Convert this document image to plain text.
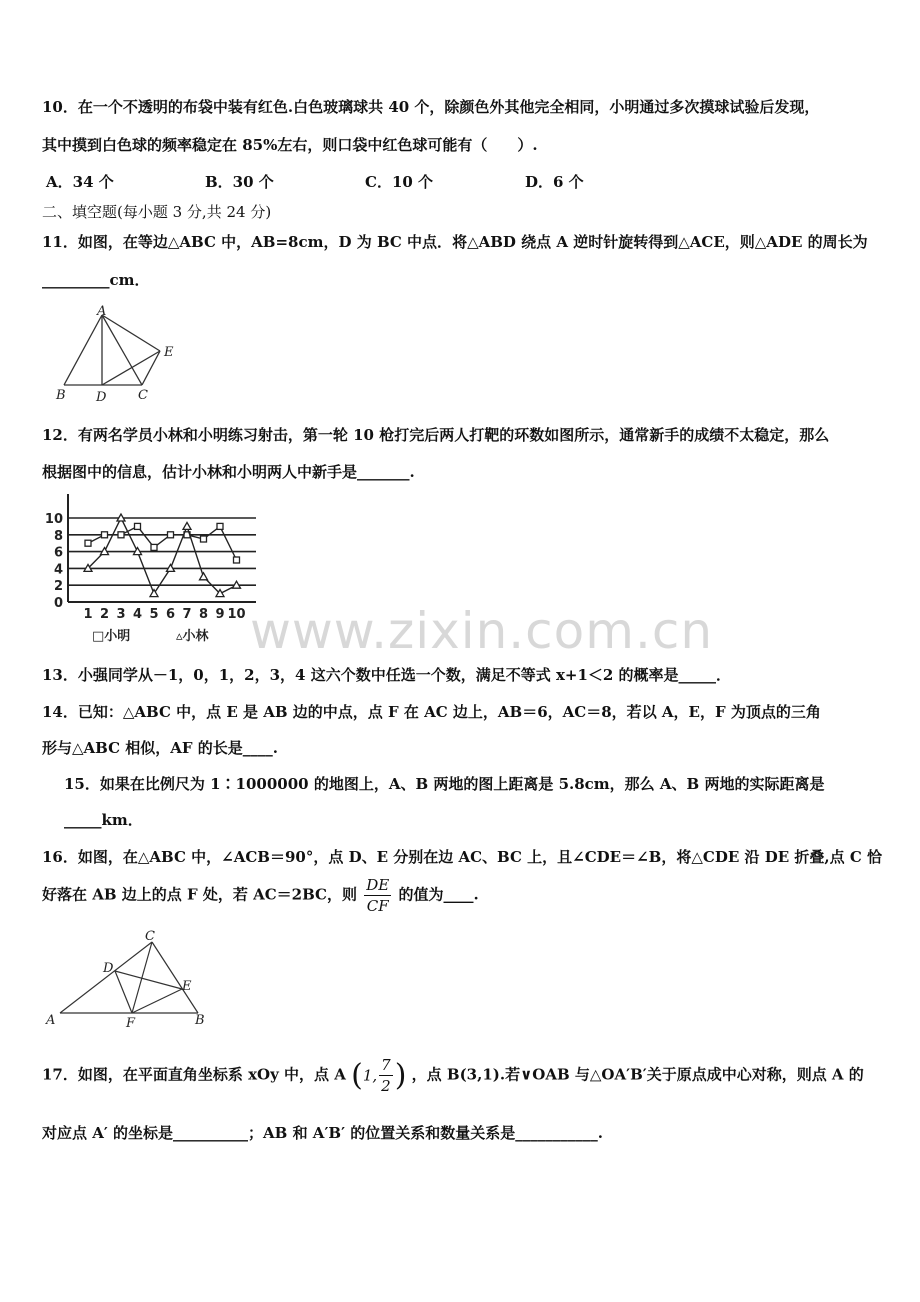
10．在一个不透明的布袋中装有红色.白色玻璃球共 40 个，除颜色外其他完全相同，小明通过多次摸球试验后发现，
其中摸到白色球的频率稳定在 85%左右，则口袋中红色球可能有（　　）.
A．34 个	B．30 个	C．10 个	D．6 个
二、填空题(每小题 3 分,共 24 分)
11．如图，在等边△ABC 中，AB=8cm，D 为 BC 中点．将△ABD 绕点 A 逆时针旋转得到△ACE，则△ADE 的周长为
_________cm．
A
B D C
E
12．有两名学员小林和小明练习射击，第一轮 10 枪打完后两人打靶的环数如图所示，通常新手的成绩不太稳定，那么
根据图中的信息，估计小林和小明两人中新手是_______.
0
2
4
6
8
10
1 2 3 4 5 6 7 8 9 10
□小明	▵小林 www.zixin.com.cn
13．小强同学从－1，0，1，2，3，4 这六个数中任选一个数，满足不等式 x+1＜2 的概率是_____．
14．已知：△ABC 中，点 E 是 AB 边的中点，点 F 在 AC 边上，AB＝6，AC＝8，若以 A，E，F 为顶点的三角
形与△ABC 相似，AF 的长是____.
15．如果在比例尺为 1∶1000000 的地图上，A、B 两地的图上距离是 5.8cm，那么 A、B 两地的实际距离是
_____km．
16．如图，在△ABC 中，∠ACB＝90°，点 D、E 分别在边 AC、BC 上，且∠CDE＝∠B，将△CDE 沿 DE 折叠,点 C 恰
好落在 AB 边上的点 F 处，若 AC＝2BC，则 $\frac{DE}{CF}$ 的值为____.
C
D
E
A	F	B
17．如图，在平面直角坐标系 xOy 中，点 A (1, $\frac{7}{2}$ ) ，点 B(3,1).若∨OAB 与△OA′B′关于原点成中心对称，则点 A 的
对应点 A′ 的坐标是__________；AB 和 A′B′ 的位置关系和数量关系是___________.
